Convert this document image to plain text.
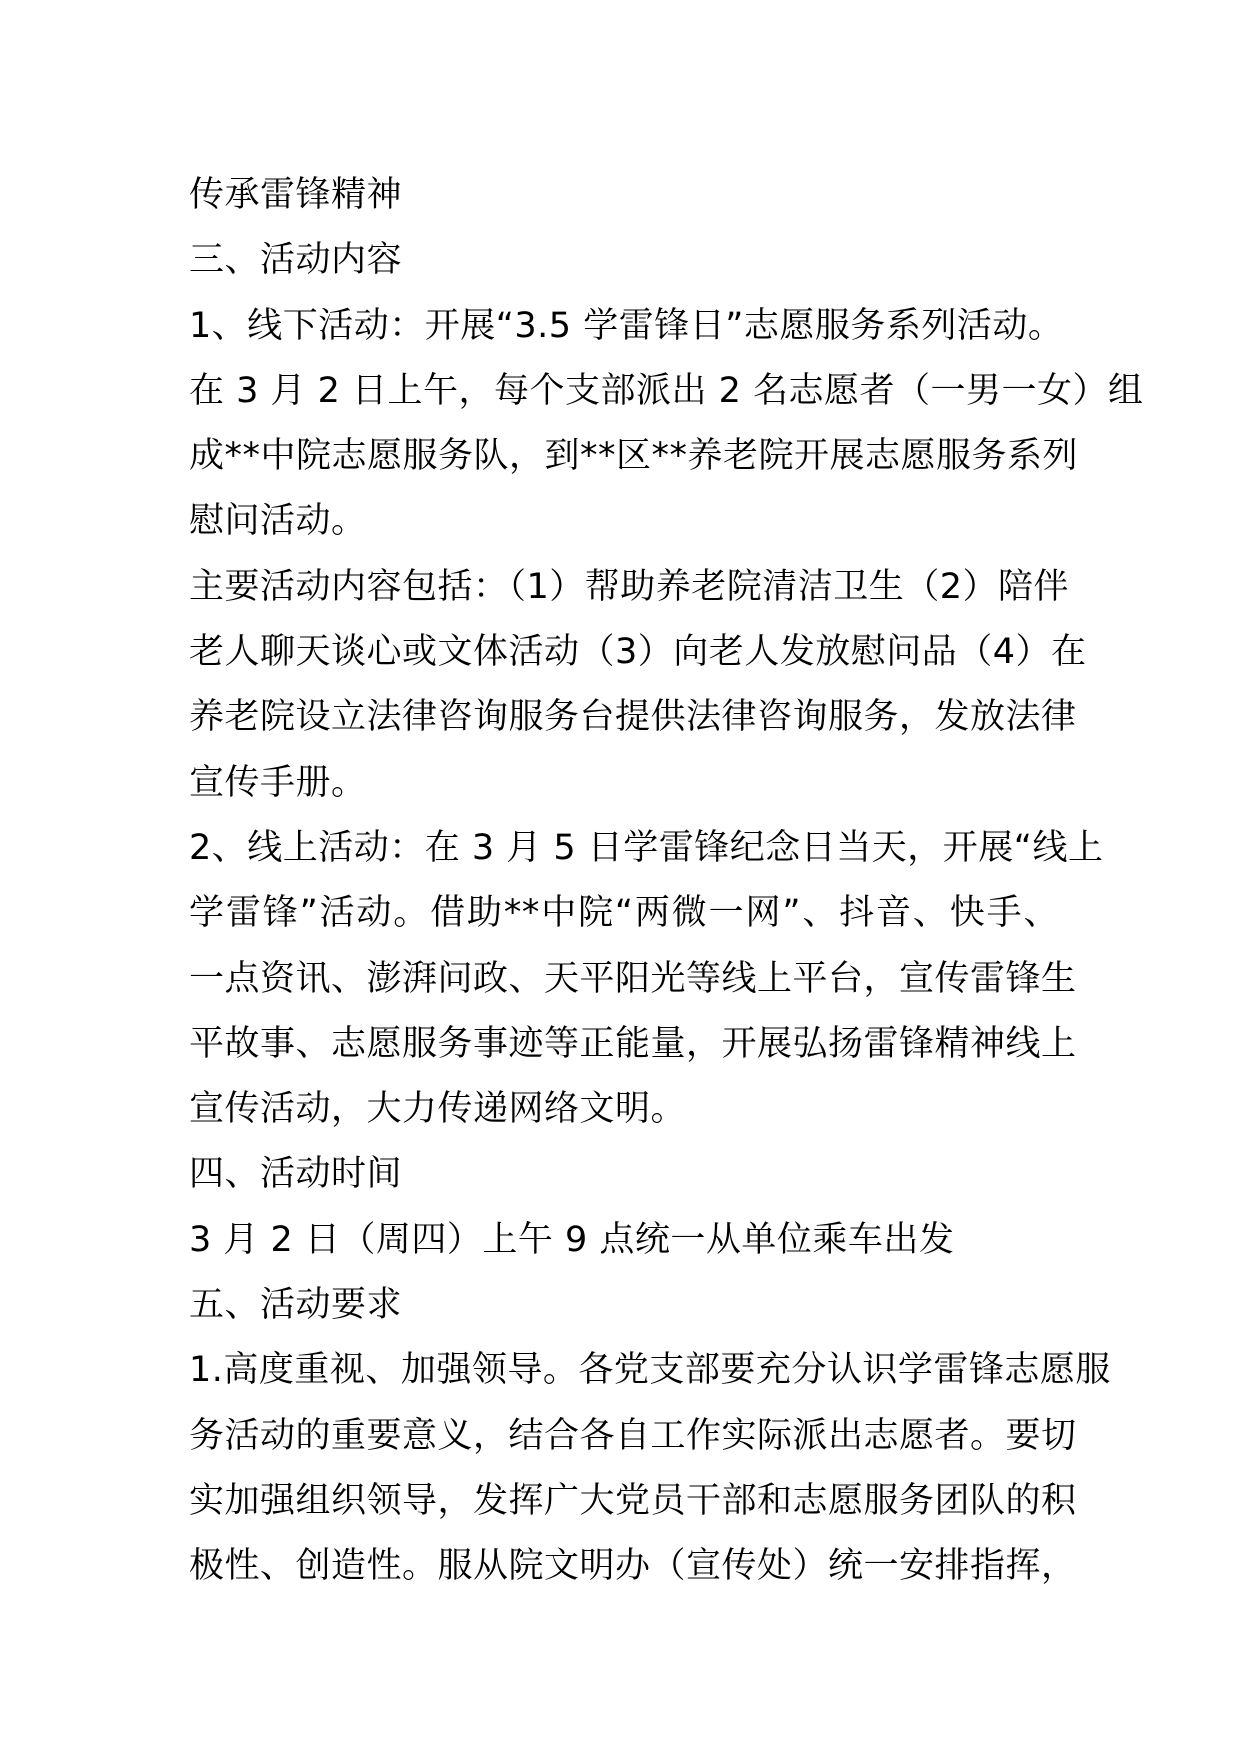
传承雷锋精神
三、活动内容
1、线下活动：开展“3.5 学雷锋日”志愿服务系列活动。
在 3 月 2 日上午，每个支部派出 2 名志愿者（一男一女）组
成**中院志愿服务队，到**区**养老院开展志愿服务系列
慰问活动。
主要活动内容包括：（1）帮助养老院清洁卫生（2）陪伴
老人聊天谈心或文体活动（3）向老人发放慰问品（4）在
养老院设立法律咨询服务台提供法律咨询服务，发放法律
宣传手册。
2、线上活动：在 3 月 5 日学雷锋纪念日当天，开展“线上
学雷锋”活动。借助**中院“两微一网”、抖音、快手、
一点资讯、澎湃问政、天平阳光等线上平台，宣传雷锋生
平故事、志愿服务事迹等正能量，开展弘扬雷锋精神线上
宣传活动，大力传递网络文明。
四、活动时间
3 月 2 日（周四）上午 9 点统一从单位乘车出发
五、活动要求
1.高度重视、加强领导。各党支部要充分认识学雷锋志愿服
务活动的重要意义，结合各自工作实际派出志愿者。要切
实加强组织领导，发挥广大党员干部和志愿服务团队的积
极性、创造性。服从院文明办（宣传处）统一安排指挥，
